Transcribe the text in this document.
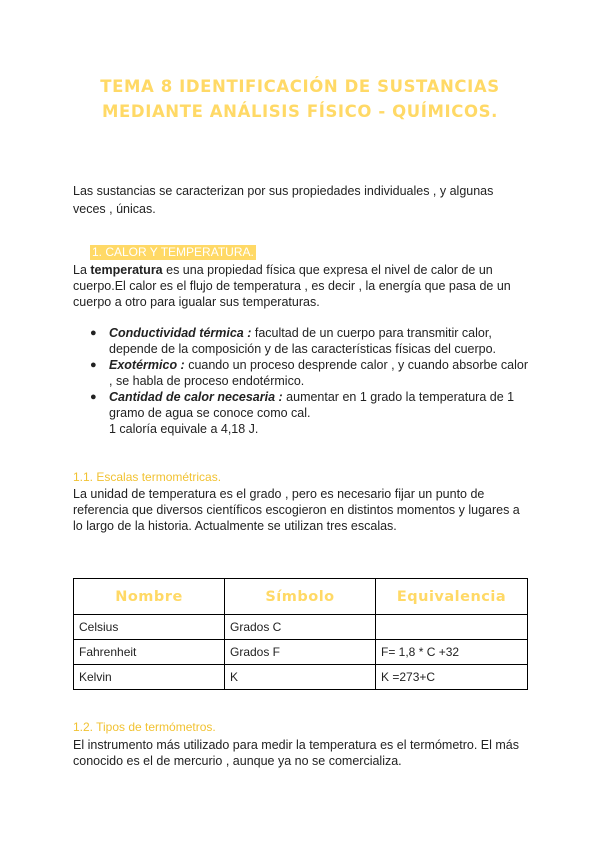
TEMA 8 IDENTIFICACIÓN DE SUSTANCIAS
MEDIANTE ANÁLISIS FÍSICO - QUÍMICOS.

Las sustancias se caracterizan por sus propiedades individuales , y algunas veces , únicas.

1. CALOR Y TEMPERATURA.

La temperatura es una propiedad física que expresa el nivel de calor de un cuerpo.El calor es el flujo de temperatura , es decir , la energía que pasa de un cuerpo a otro para igualar sus temperaturas.

● Conductividad térmica : facultad de un cuerpo para transmitir calor, depende de la composición y de las características físicas del cuerpo.
● Exotérmico : cuando un proceso desprende calor , y cuando absorbe calor , se habla de proceso endotérmico.
● Cantidad de calor necesaria : aumentar en 1 grado la temperatura de 1 gramo de agua se conoce como cal.
1 caloría equivale a 4,18 J.
1.1. Escalas termométricas.

La unidad de temperatura es el grado , pero es necesario fijar un punto de referencia que diversos científicos escogieron en distintos momentos y lugares a lo largo de la historia. Actualmente se utilizan tres escalas.

Nombre	Símbolo	Equivalencia
Celsius	Grados C	
Fahrenheit	Grados F	F= 1,8 * C +32
Kelvin	K	K =273+C
1.2. Tipos de termómetros.

El instrumento más utilizado para medir la temperatura es el termómetro. El más conocido es el de mercurio , aunque ya no se comercializa.
